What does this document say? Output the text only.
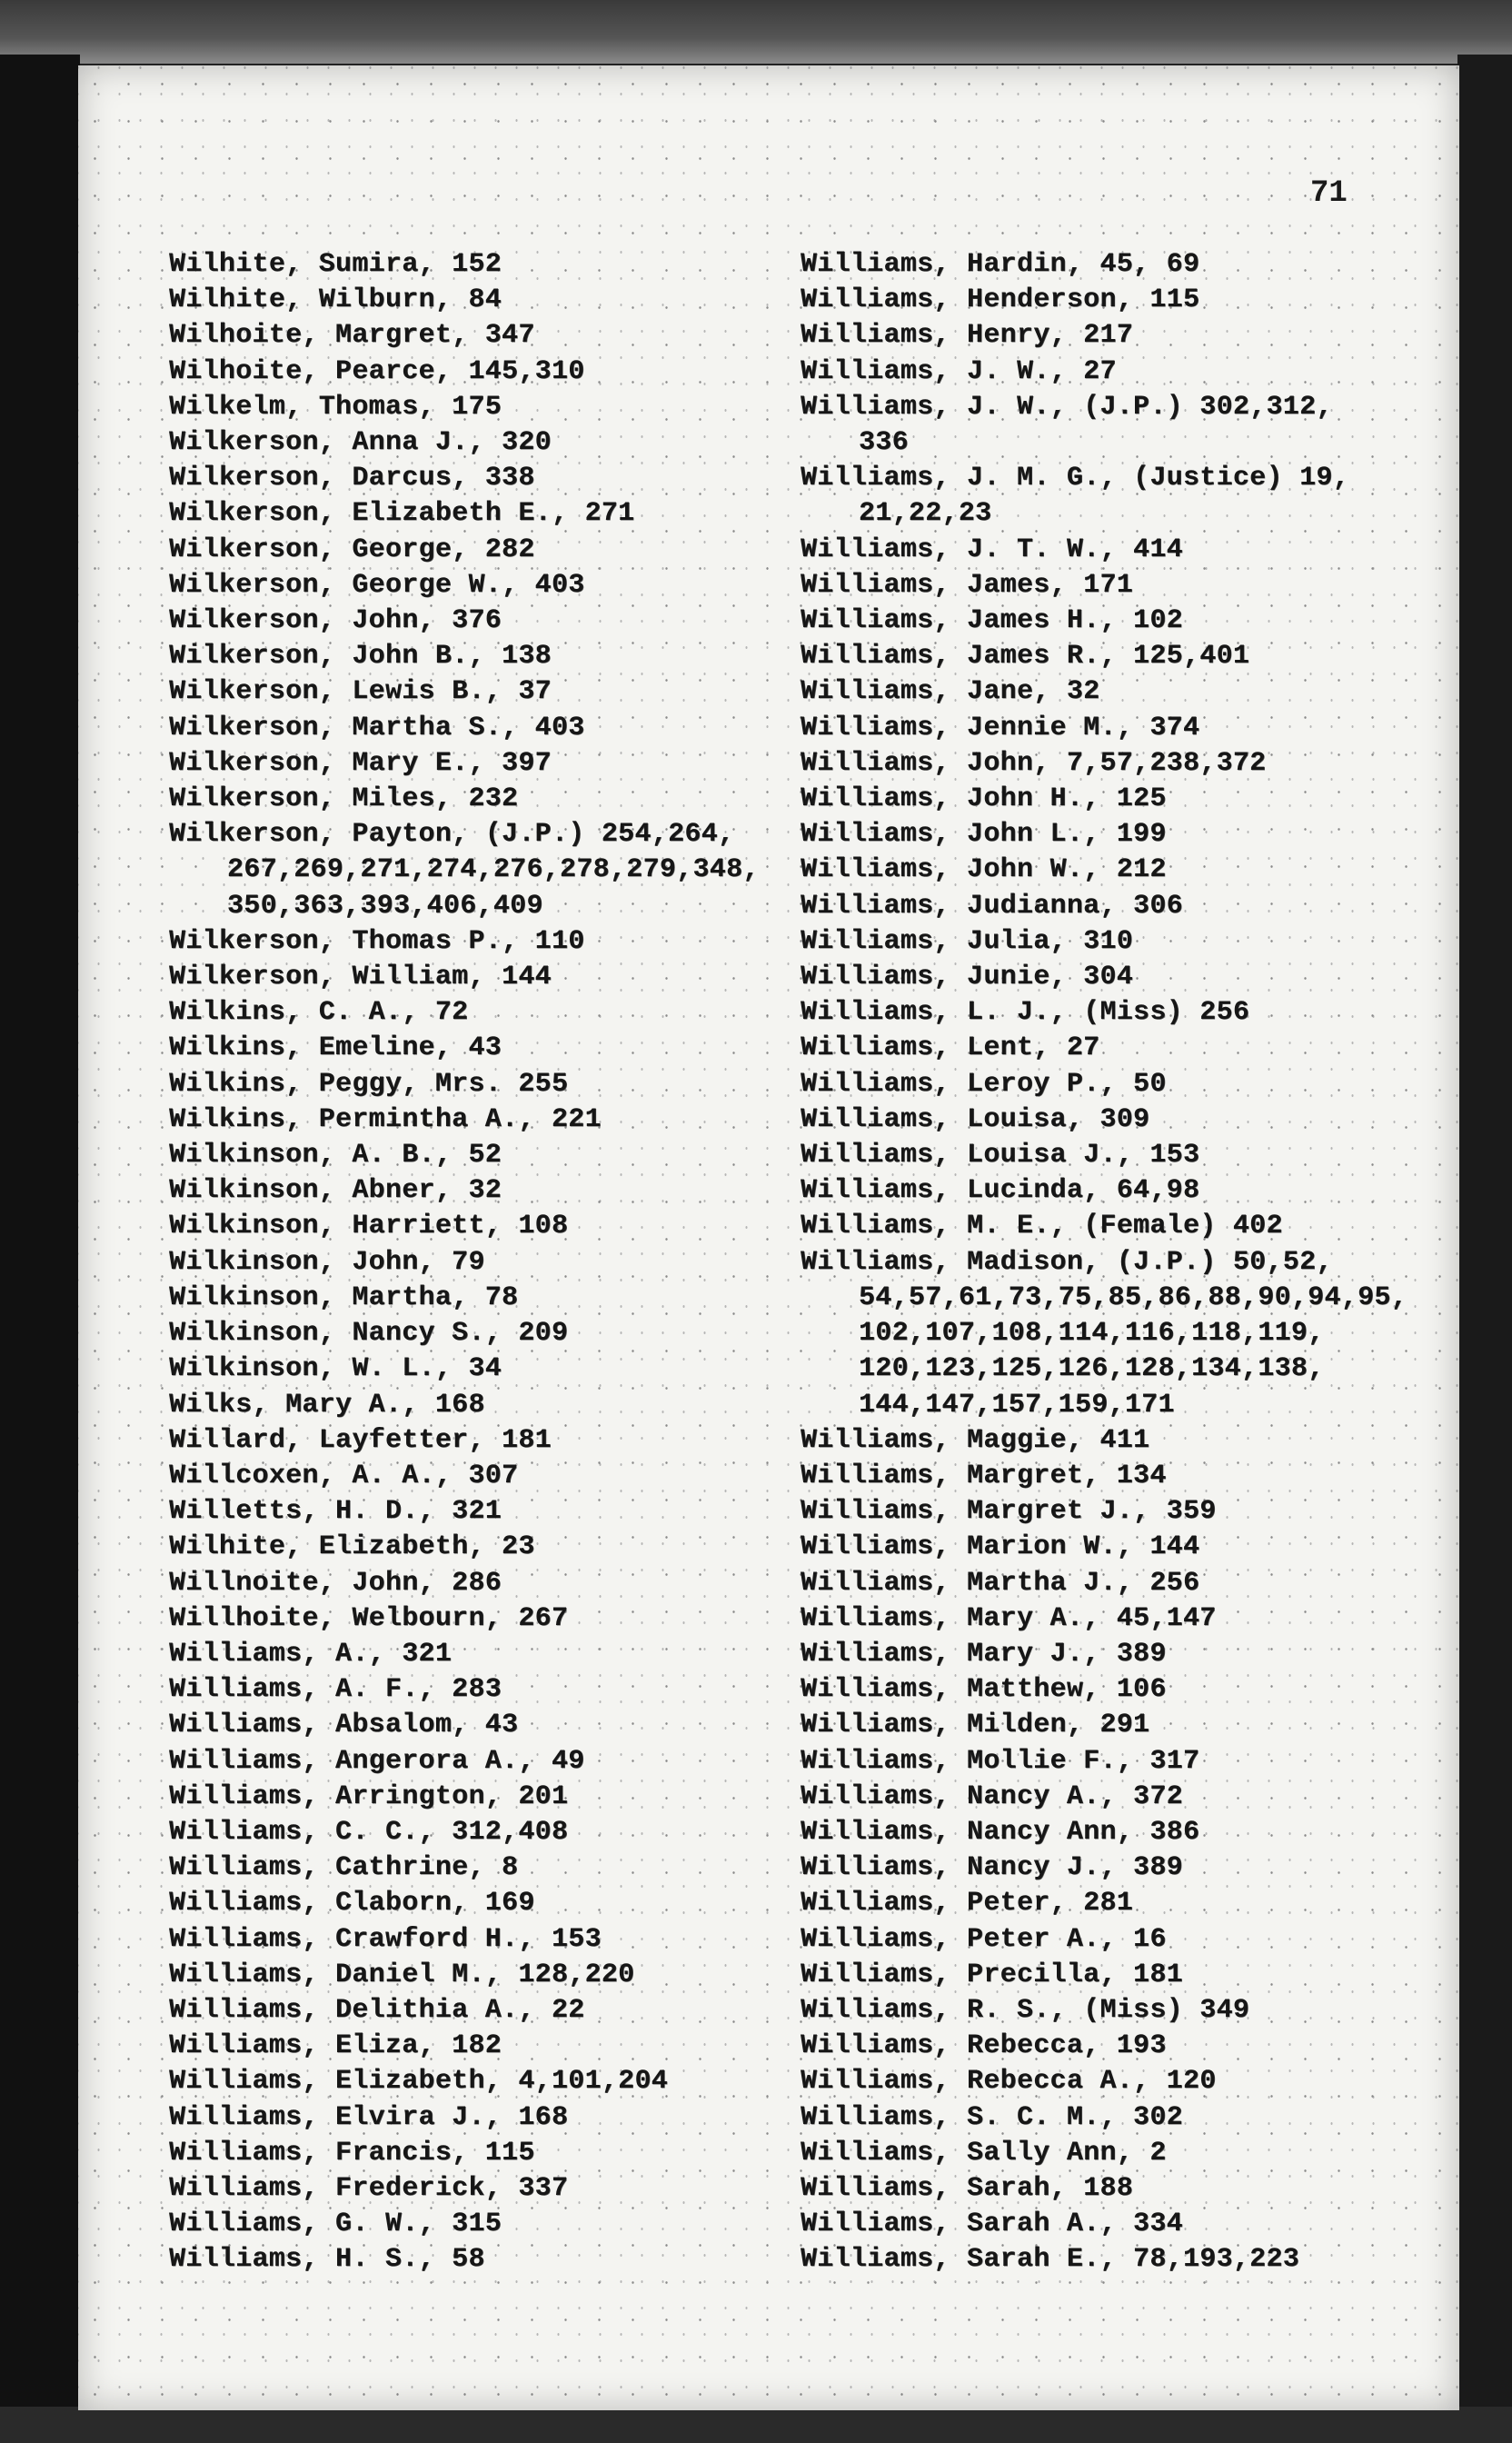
71
Wilhite, Sumira, 152
Wilhite, Wilburn, 84
Wilhoite, Margret, 347
Wilhoite, Pearce, 145,310
Wilkelm, Thomas, 175
Wilkerson, Anna J., 320
Wilkerson, Darcus, 338
Wilkerson, Elizabeth E., 271
Wilkerson, George, 282
Wilkerson, George W., 403
Wilkerson, John, 376
Wilkerson, John B., 138
Wilkerson, Lewis B., 37
Wilkerson, Martha S., 403
Wilkerson, Mary E., 397
Wilkerson, Miles, 232
Wilkerson, Payton, (J.P.) 254,264,
267,269,271,274,276,278,279,348,
350,363,393,406,409
Wilkerson, Thomas P., 110
Wilkerson, William, 144
Wilkins, C. A., 72
Wilkins, Emeline, 43
Wilkins, Peggy, Mrs. 255
Wilkins, Permintha A., 221
Wilkinson, A. B., 52
Wilkinson, Abner, 32
Wilkinson, Harriett, 108
Wilkinson, John, 79
Wilkinson, Martha, 78
Wilkinson, Nancy S., 209
Wilkinson, W. L., 34
Wilks, Mary A., 168
Willard, Layfetter, 181
Willcoxen, A. A., 307
Willetts, H. D., 321
Wilhite, Elizabeth, 23
Willnoite, John, 286
Willhoite, Welbourn, 267
Williams, A., 321
Williams, A. F., 283
Williams, Absalom, 43
Williams, Angerora A., 49
Williams, Arrington, 201
Williams, C. C., 312,408
Williams, Cathrine, 8
Williams, Claborn, 169
Williams, Crawford H., 153
Williams, Daniel M., 128,220
Williams, Delithia A., 22
Williams, Eliza, 182
Williams, Elizabeth, 4,101,204
Williams, Elvira J., 168
Williams, Francis, 115
Williams, Frederick, 337
Williams, G. W., 315
Williams, H. S., 58
Williams, Hardin, 45, 69
Williams, Henderson, 115
Williams, Henry, 217
Williams, J. W., 27
Williams, J. W., (J.P.) 302,312,
336
Williams, J. M. G., (Justice) 19,
21,22,23
Williams, J. T. W., 414
Williams, James, 171
Williams, James H., 102
Williams, James R., 125,401
Williams, Jane, 32
Williams, Jennie M., 374
Williams, John, 7,57,238,372
Williams, John H., 125
Williams, John L., 199
Williams, John W., 212
Williams, Judianna, 306
Williams, Julia, 310
Williams, Junie, 304
Williams, L. J., (Miss) 256
Williams, Lent, 27
Williams, Leroy P., 50
Williams, Louisa, 309
Williams, Louisa J., 153
Williams, Lucinda, 64,98
Williams, M. E., (Female) 402
Williams, Madison, (J.P.) 50,52,
54,57,61,73,75,85,86,88,90,94,95,
102,107,108,114,116,118,119,
120,123,125,126,128,134,138,
144,147,157,159,171
Williams, Maggie, 411
Williams, Margret, 134
Williams, Margret J., 359
Williams, Marion W., 144
Williams, Martha J., 256
Williams, Mary A., 45,147
Williams, Mary J., 389
Williams, Matthew, 106
Williams, Milden, 291
Williams, Mollie F., 317
Williams, Nancy A., 372
Williams, Nancy Ann, 386
Williams, Nancy J., 389
Williams, Peter, 281
Williams, Peter A., 16
Williams, Precilla, 181
Williams, R. S., (Miss) 349
Williams, Rebecca, 193
Williams, Rebecca A., 120
Williams, S. C. M., 302
Williams, Sally Ann, 2
Williams, Sarah, 188
Williams, Sarah A., 334
Williams, Sarah E., 78,193,223
